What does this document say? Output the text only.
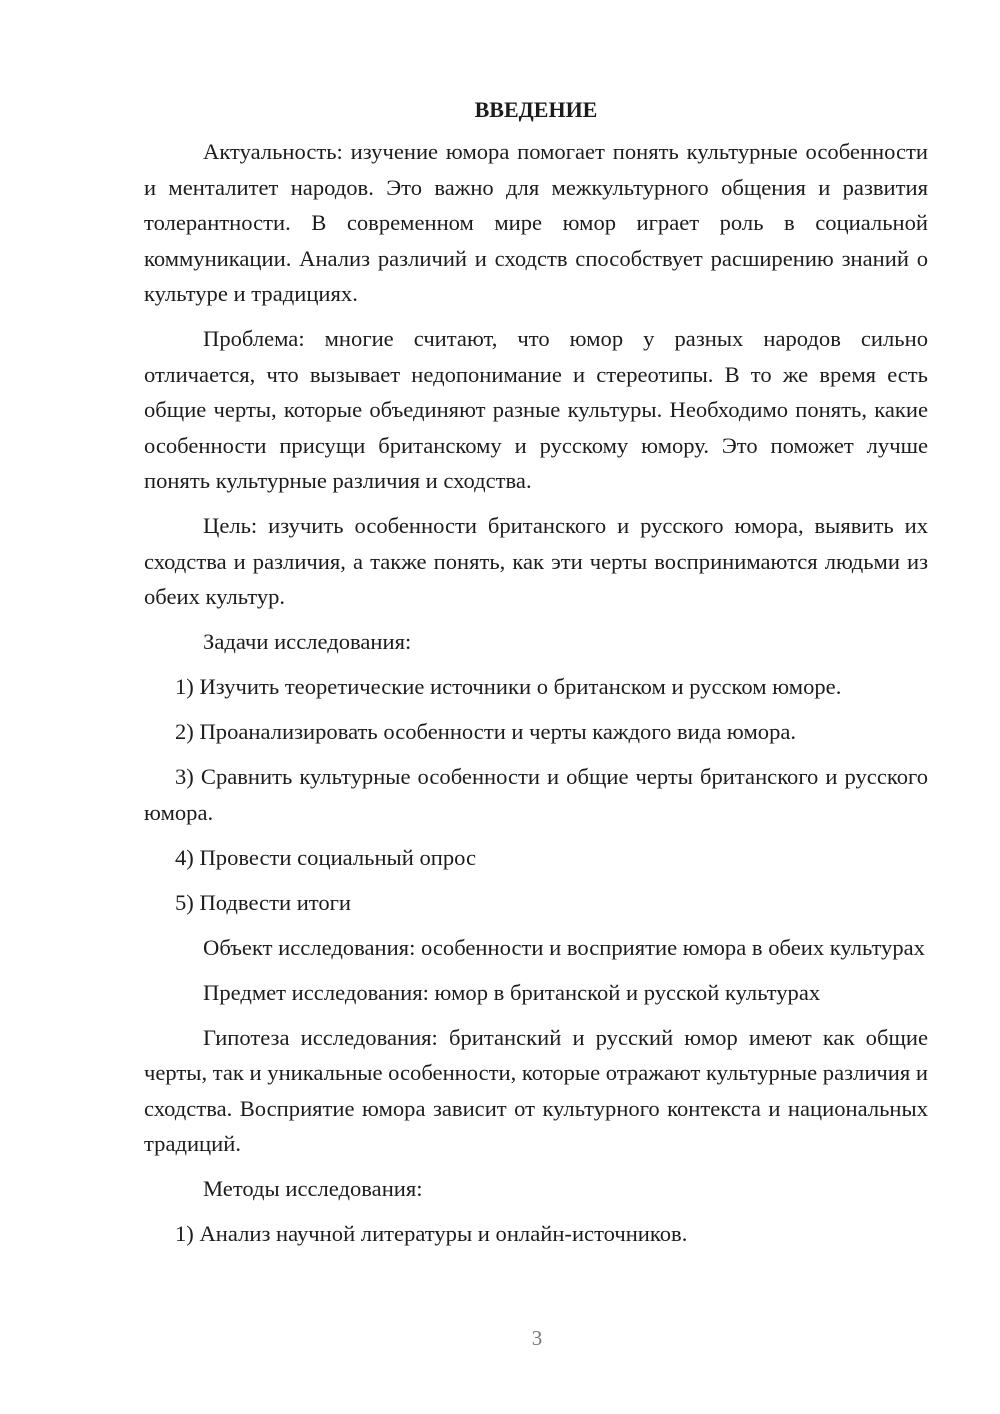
ВВЕДЕНИЕ

Актуальность: изучение юмора помогает понять культурные особенности и менталитет народов. Это важно для межкультурного общения и развития толерантности. В современном мире юмор играет роль в социальной коммуникации. Анализ различий и сходств способствует расширению знаний о культуре и традициях.

Проблема: многие считают, что юмор у разных народов сильно отличается, что вызывает недопонимание и стереотипы. В то же время есть общие черты, которые объединяют разные культуры. Необходимо понять, какие особенности присущи британскому и русскому юмору. Это поможет лучше понять культурные различия и сходства.

Цель: изучить особенности британского и русского юмора, выявить их сходства и различия, а также понять, как эти черты воспринимаются людьми из обеих культур.

Задачи исследования:

1) Изучить теоретические источники о британском и русском юморе.

2) Проанализировать особенности и черты каждого вида юмора.

3) Сравнить культурные особенности и общие черты британского и русского юмора.

4) Провести социальный опрос

5) Подвести итоги

Объект исследования: особенности и восприятие юмора в обеих культурах

Предмет исследования: юмор в британской и русской культурах

Гипотеза исследования: британский и русский юмор имеют как общие черты, так и уникальные особенности, которые отражают культурные различия и сходства. Восприятие юмора зависит от культурного контекста и национальных традиций.

Методы исследования:

1) Анализ научной литературы и онлайн-источников.

3
